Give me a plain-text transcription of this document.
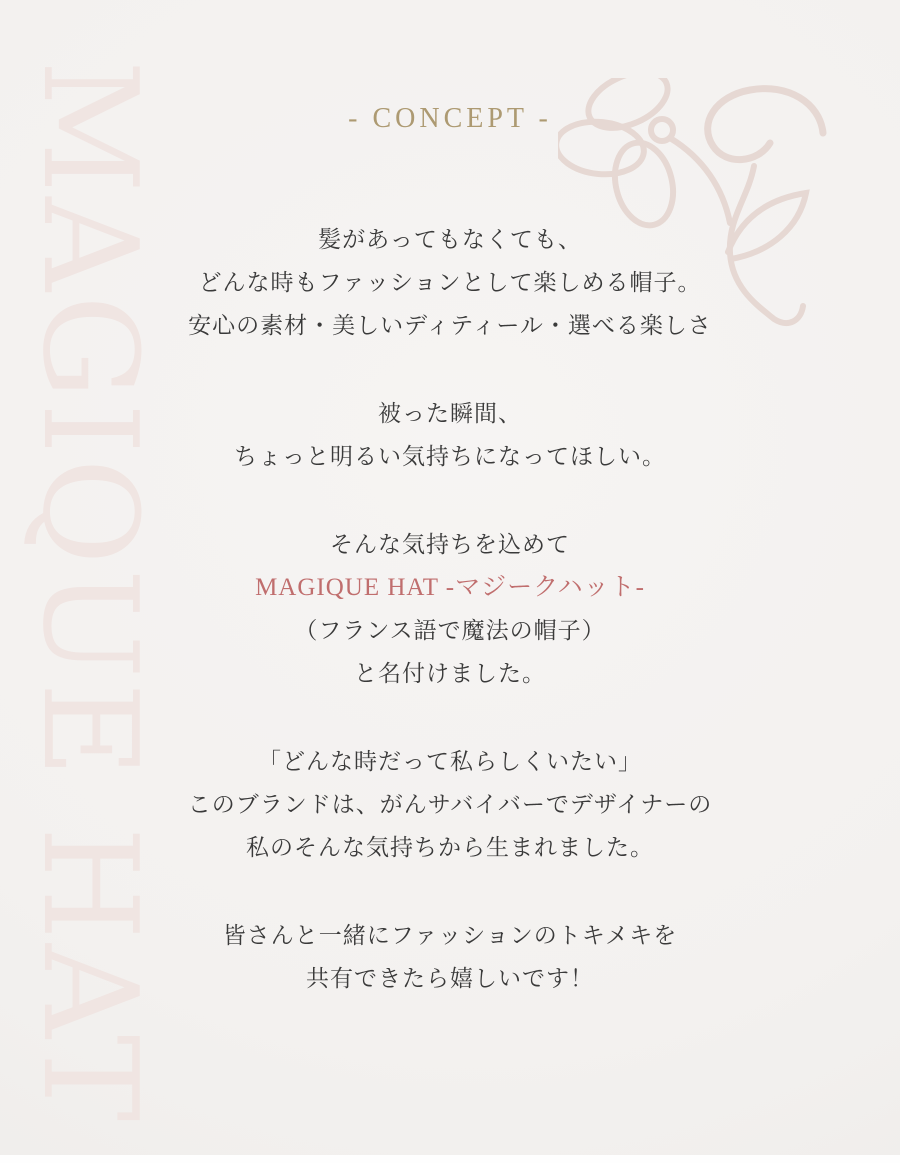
MAGIQUE HAT	- CONCEPT -

髪があってもなくても、
どんな時もファッションとして楽しめる帽子。
安心の素材・美しいディティール・選べる楽しさ

被った瞬間、
ちょっと明るい気持ちになってほしい。

そんな気持ちを込めて
MAGIQUE HAT -マジークハット-
（フランス語で魔法の帽子）
と名付けました。

「どんな時だって私らしくいたい」
このブランドは、がんサバイバーでデザイナーの
私のそんな気持ちから生まれました。

皆さんと一緒にファッションのトキメキを
共有できたら嬉しいです！
